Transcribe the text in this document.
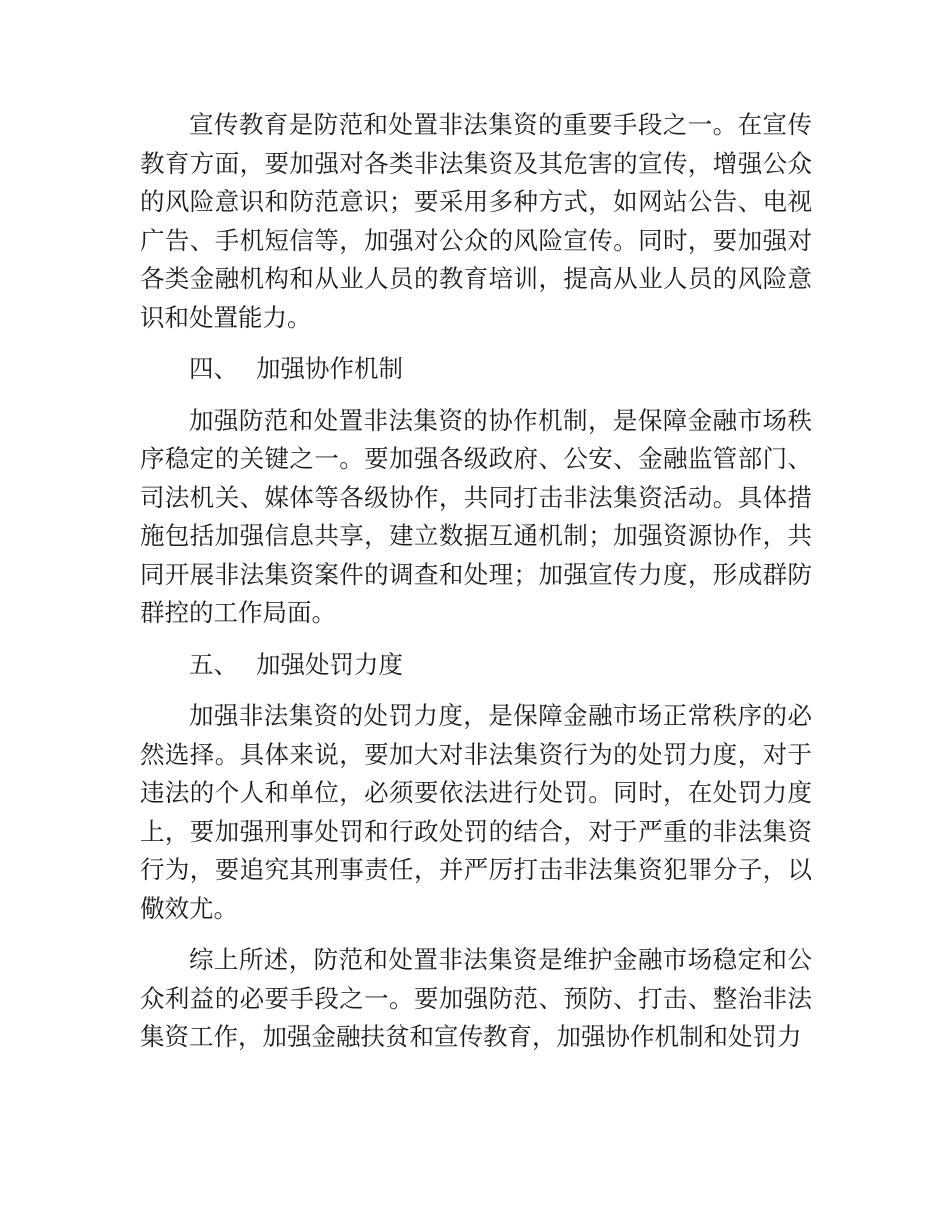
宣传教育是防范和处置非法集资的重要手段之一。在宣传教育方面，要加强对各类非法集资及其危害的宣传，增强公众的风险意识和防范意识；要采用多种方式，如网站公告、电视广告、手机短信等，加强对公众的风险宣传。同时，要加强对各类金融机构和从业人员的教育培训，提高从业人员的风险意识和处置能力。

四、 加强协作机制

加强防范和处置非法集资的协作机制，是保障金融市场秩序稳定的关键之一。要加强各级政府、公安、金融监管部门、司法机关、媒体等各级协作，共同打击非法集资活动。具体措施包括加强信息共享，建立数据互通机制；加强资源协作，共同开展非法集资案件的调查和处理；加强宣传力度，形成群防群控的工作局面。

五、 加强处罚力度

加强非法集资的处罚力度，是保障金融市场正常秩序的必然选择。具体来说，要加大对非法集资行为的处罚力度，对于违法的个人和单位，必须要依法进行处罚。同时，在处罚力度上，要加强刑事处罚和行政处罚的结合，对于严重的非法集资行为，要追究其刑事责任，并严厉打击非法集资犯罪分子，以儆效尤。

综上所述，防范和处置非法集资是维护金融市场稳定和公众利益的必要手段之一。要加强防范、预防、打击、整治非法集资工作，加强金融扶贫和宣传教育，加强协作机制和处罚力
